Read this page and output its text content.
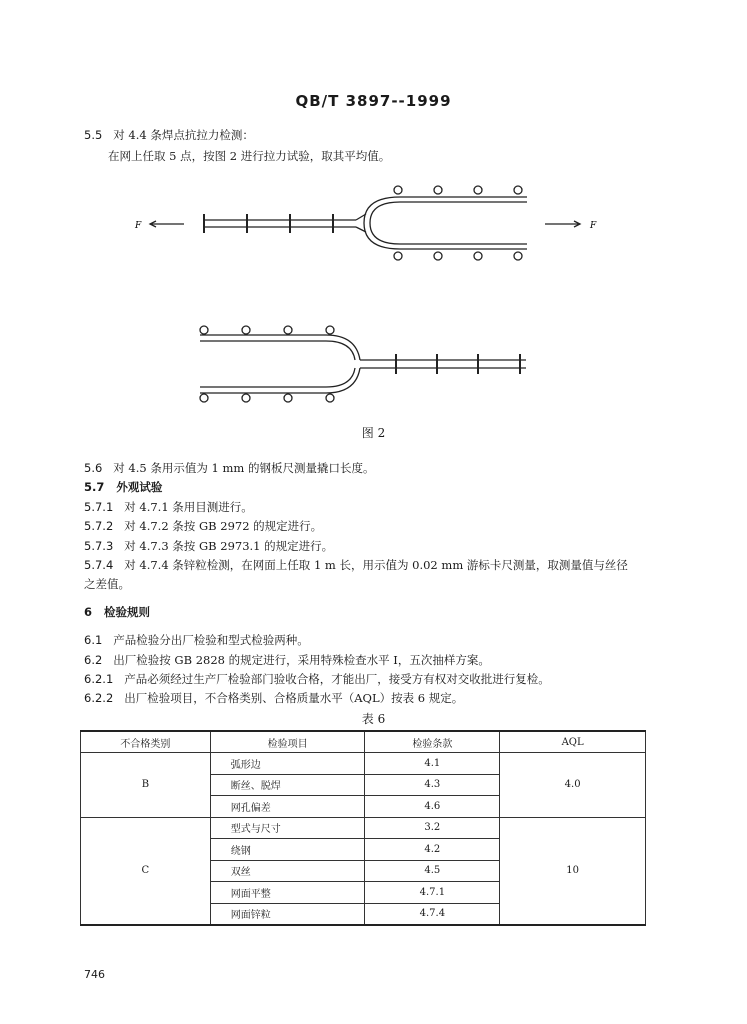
QB/T 3897--1999
5.5 对 4.4 条焊点抗拉力检测：
在网上任取 5 点，按图 2 进行拉力试验，取其平均值。
F	F
图 2
5.6 对 4.5 条用示值为 1 mm 的钢板尺测量撬口长度。
5.7 外观试验
5.7.1 对 4.7.1 条用目测进行。
5.7.2 对 4.7.2 条按 GB 2972 的规定进行。
5.7.3 对 4.7.3 条按 GB 2973.1 的规定进行。
5.7.4 对 4.7.4 条锌粒检测，在网面上任取 1 m 长，用示值为 0.02 mm 游标卡尺测量，取测量值与丝径
之差值。
6 检验规则
6.1 产品检验分出厂检验和型式检验两种。
6.2 出厂检验按 GB 2828 的规定进行，采用特殊检查水平 Ⅰ，五次抽样方案。
6.2.1 产品必须经过生产厂检验部门验收合格，才能出厂，接受方有权对交收批进行复检。
6.2.2 出厂检验项目，不合格类别、合格质量水平（AQL）按表 6 规定。
表 6
不合格类别	检验项目	检验条款	AQL
B	弧形边	4.1	4.0
	断丝、脱焊	4.3	
	网孔偏差	4.6	
C	型式与尺寸	3.2	10
	绕钢	4.2	
	双丝	4.5	
	网面平整	4.7.1	
	网面锌粒	4.7.4	
746
